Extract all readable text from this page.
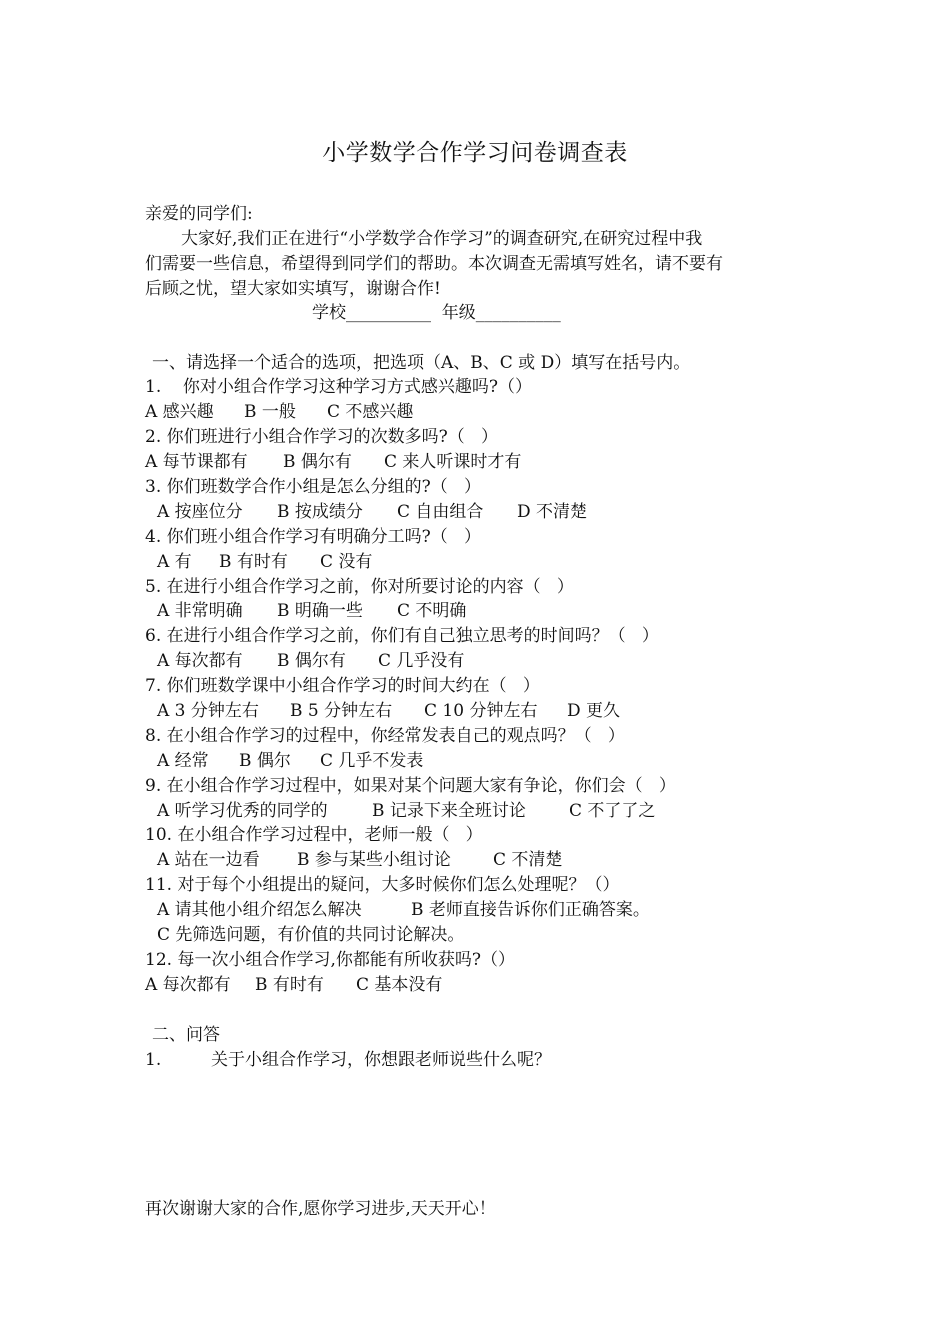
小学数学合作学习问卷调查表
亲爱的同学们:
大家好,我们正在进行“小学数学合作学习”的调查研究,在研究过程中我
们需要一些信息，希望得到同学们的帮助。本次调查无需填写姓名，请不要有
后顾之忧，望大家如实填写，谢谢合作!
学校__________  年级__________
一、请选择一个适合的选项，把选项（A、B、C 或 D）填写在括号内。
1.    你对小组合作学习这种学习方式感兴趣吗?（）
A 感兴趣 B 一般 C 不感兴趣
2. 你们班进行小组合作学习的次数多吗?（   ）
A 每节课都有 B 偶尔有 C 来人听课时才有
3. 你们班数学合作小组是怎么分组的?（   ）
A 按座位分 B 按成绩分 C 自由组合 D 不清楚
4. 你们班小组合作学习有明确分工吗?（   ）
A 有 B 有时有 C 没有
5. 在进行小组合作学习之前，你对所要讨论的内容（   ）
A 非常明确 B 明确一些 C 不明确
6. 在进行小组合作学习之前，你们有自己独立思考的时间吗？（   ）
A 每次都有 B 偶尔有 C 几乎没有
7. 你们班数学课中小组合作学习的时间大约在（   ）
A 3 分钟左右 B 5 分钟左右 C 10 分钟左右 D 更久
8. 在小组合作学习的过程中，你经常发表自己的观点吗？（   ）
A 经常 B 偶尔 C 几乎不发表
9. 在小组合作学习过程中，如果对某个问题大家有争论，你们会（   ）
A 听学习优秀的同学的	B 记录下来全班讨论	C 不了了之
10. 在小组合作学习过程中，老师一般（   ）
A 站在一边看 B 参与某些小组讨论 C 不清楚
11. 对于每个小组提出的疑问，大多时候你们怎么处理呢？（）
A 请其他小组介绍怎么解决	B 老师直接告诉你们正确答案。
C 先筛选问题，有价值的共同讨论解决。
12. 每一次小组合作学习,你都能有所收获吗?（）
A 每次都有 B 有时有 C 基本没有
二、问答
1.	关于小组合作学习，你想跟老师说些什么呢？
再次谢谢大家的合作,愿你学习进步,天天开心！
